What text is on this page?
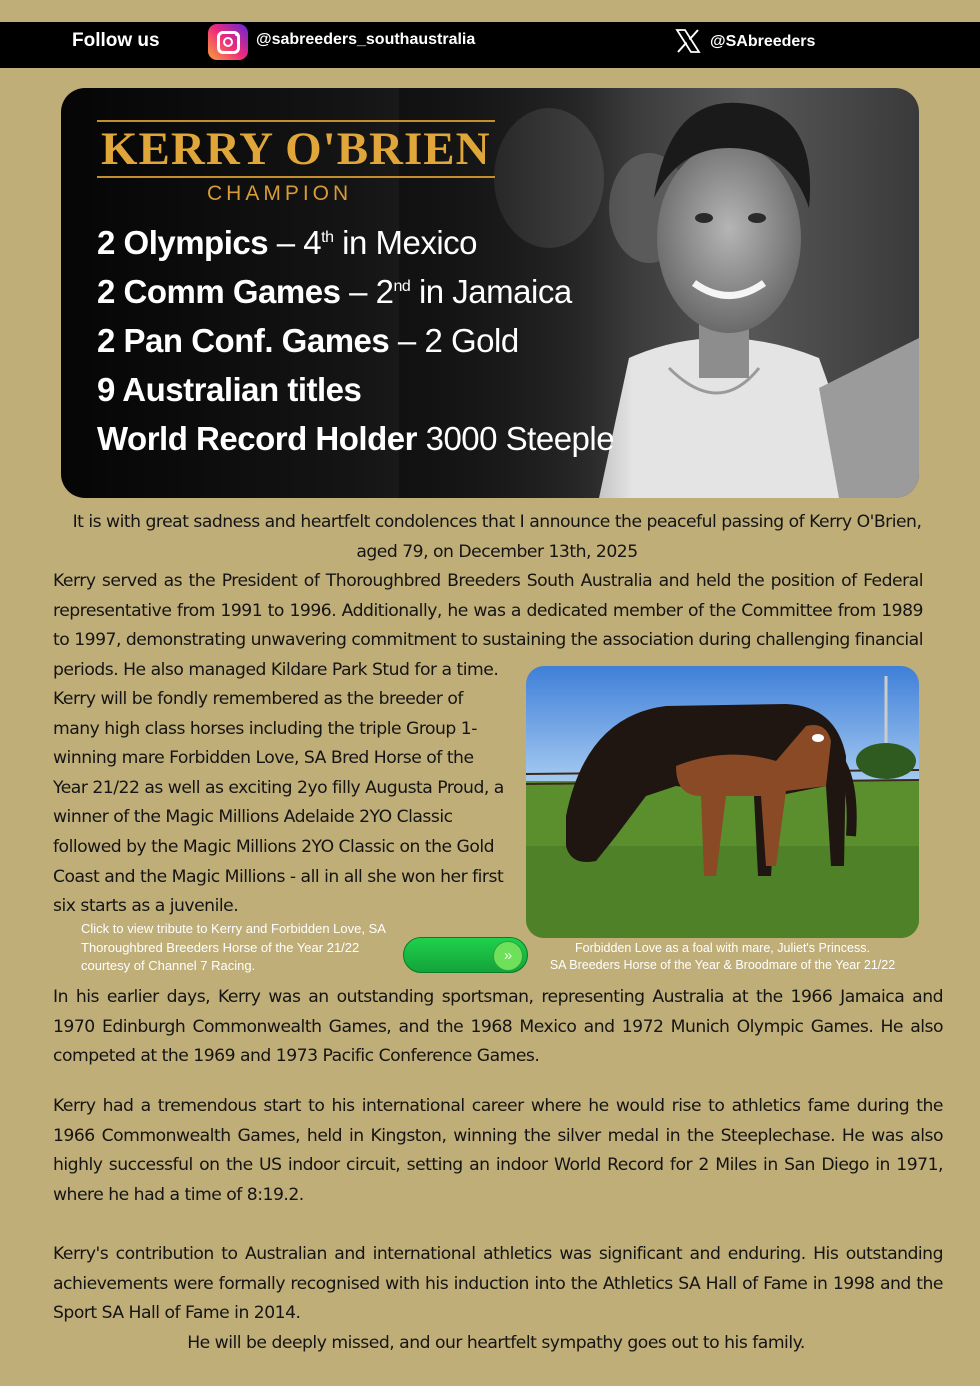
Follow us	@sabreeders_southaustralia	@SAbreeders
KERRY O'BRIEN
CHAMPION
2 Olympics – 4th in Mexico
2 Comm Games – 2nd in Jamaica
2 Pan Conf. Games – 2 Gold
9 Australian titles
World Record Holder 3000 Steeple
It is with great sadness and heartfelt condolences that I announce the peaceful passing of Kerry O'Brien, aged 79, on December 13th, 2025
Kerry served as the President of Thoroughbred Breeders South Australia and held the position of Federal representative from 1991 to 1996. Additionally, he was a dedicated member of the Committee from 1989 to 1997, demonstrating unwavering commitment to sustaining the association during challenging financial periods. He also managed Kildare Park Stud for a time.
Kerry will be fondly remembered as the breeder of many high class horses including the triple Group 1-winning mare Forbidden Love, SA Bred Horse of the Year 21/22 as well as exciting 2yo filly Augusta Proud, a winner of the Magic Millions Adelaide 2YO Classic followed by the Magic Millions 2YO Classic on the Gold Coast and the Magic Millions - all in all she won her first six starts as a juvenile.
Click to view tribute to Kerry and Forbidden Love, SA Thoroughbred Breeders Horse of the Year 21/22 courtesy of Channel 7 Racing.
»	Forbidden Love as a foal with mare, Juliet's Princess.
SA Breeders Horse of the Year & Broodmare of the Year 21/22
In his earlier days, Kerry was an outstanding sportsman, representing Australia at the 1966 Jamaica and 1970 Edinburgh Commonwealth Games, and the 1968 Mexico and 1972 Munich Olympic Games. He also competed at the 1969 and 1973 Pacific Conference Games.
Kerry had a tremendous start to his international career where he would rise to athletics fame during the 1966 Commonwealth Games, held in Kingston, winning the silver medal in the Steeplechase. He was also highly successful on the US indoor circuit, setting an indoor World Record for 2 Miles in San Diego in 1971, where he had a time of 8:19.2.
Kerry's contribution to Australian and international athletics was significant and enduring. His outstanding achievements were formally recognised with his induction into the Athletics SA Hall of Fame in 1998 and the Sport SA Hall of Fame in 2014.
He will be deeply missed, and our heartfelt sympathy goes out to his family.
